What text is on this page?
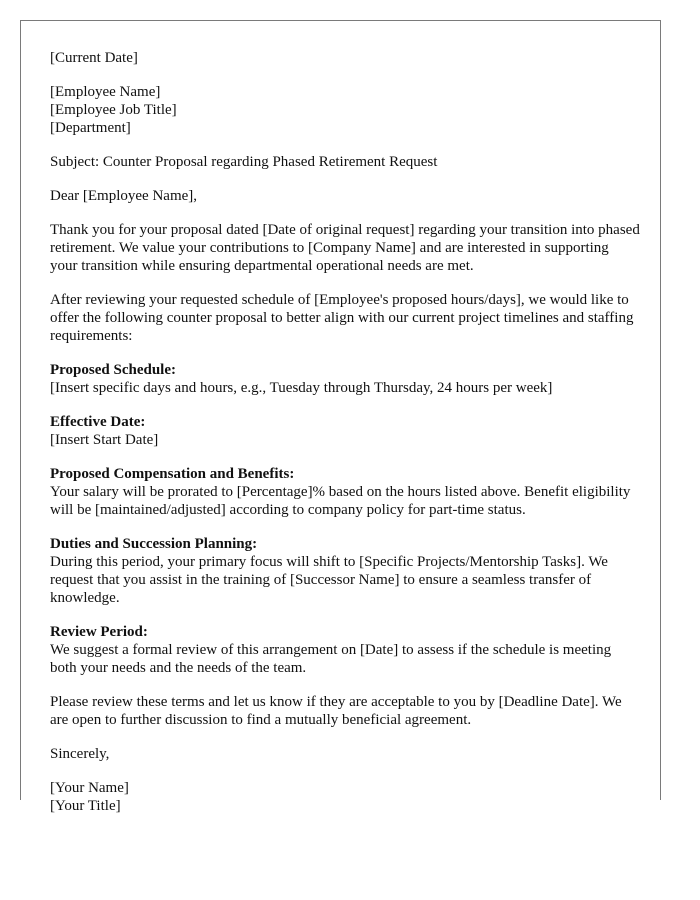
[Current Date]

[Employee Name]
[Employee Job Title]
[Department]

Subject: Counter Proposal regarding Phased Retirement Request

Dear [Employee Name],

Thank you for your proposal dated [Date of original request] regarding your transition into phased retirement. We value your contributions to [Company Name] and are interested in supporting your transition while ensuring departmental operational needs are met.

After reviewing your requested schedule of [Employee's proposed hours/days], we would like to offer the following counter proposal to better align with our current project timelines and staffing requirements:

Proposed Schedule:
[Insert specific days and hours, e.g., Tuesday through Thursday, 24 hours per week]

Effective Date:
[Insert Start Date]

Proposed Compensation and Benefits:
Your salary will be prorated to [Percentage]% based on the hours listed above. Benefit eligibility will be [maintained/adjusted] according to company policy for part-time status.

Duties and Succession Planning:
During this period, your primary focus will shift to [Specific Projects/Mentorship Tasks]. We request that you assist in the training of [Successor Name] to ensure a seamless transfer of knowledge.

Review Period:
We suggest a formal review of this arrangement on [Date] to assess if the schedule is meeting both your needs and the needs of the team.

Please review these terms and let us know if they are acceptable to you by [Deadline Date]. We are open to further discussion to find a mutually beneficial agreement.

Sincerely,

[Your Name]
[Your Title]
